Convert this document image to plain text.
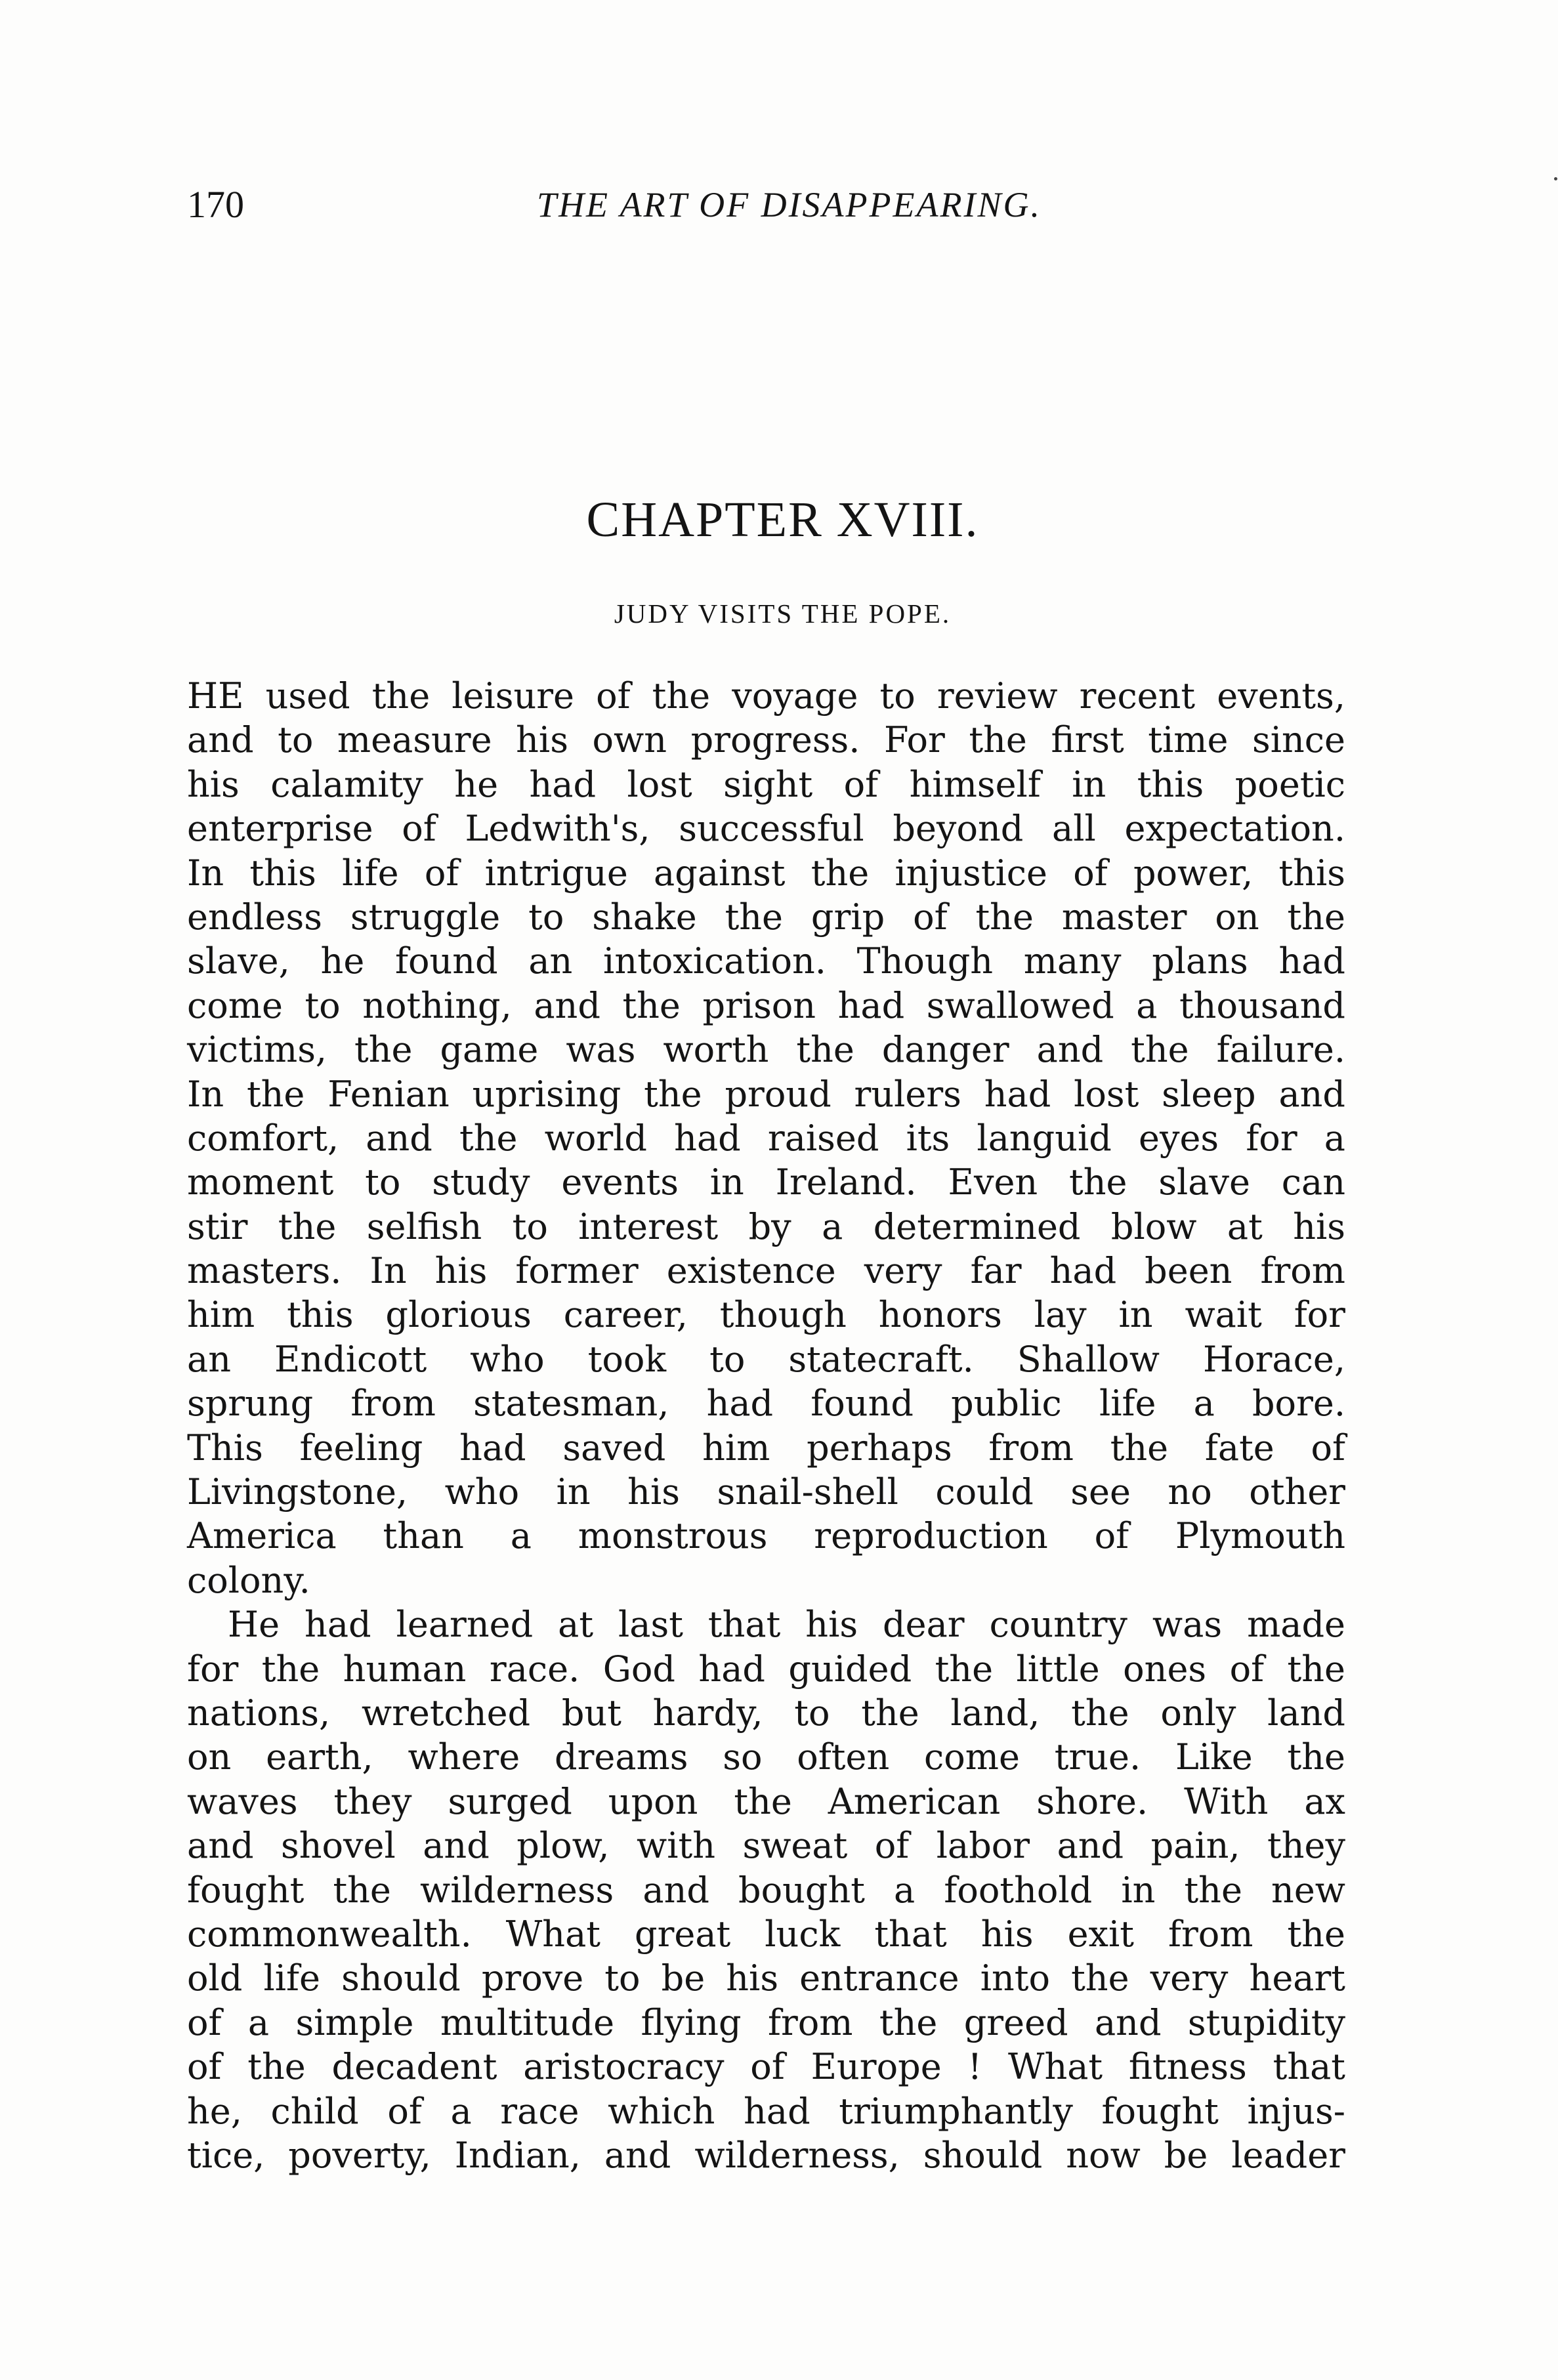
170	THE ART OF DISAPPEARING.
CHAPTER XVIII.
JUDY VISITS THE POPE.
HE used the leisure of the voyage to review recent events,
and to measure his own progress. For the first time since
his calamity he had lost sight of himself in this poetic
enterprise of Ledwith's, successful beyond all expectation.
In this life of intrigue against the injustice of power, this
endless struggle to shake the grip of the master on the
slave, he found an intoxication. Though many plans had
come to nothing, and the prison had swallowed a thousand
victims, the game was worth the danger and the failure.
In the Fenian uprising the proud rulers had lost sleep and
comfort, and the world had raised its languid eyes for a
moment to study events in Ireland. Even the slave can
stir the selfish to interest by a determined blow at his
masters. In his former existence very far had been from
him this glorious career, though honors lay in wait for
an Endicott who took to statecraft. Shallow Horace,
sprung from statesman, had found public life a bore.
This feeling had saved him perhaps from the fate of
Livingstone, who in his snail-shell could see no other
America than a monstrous reproduction of Plymouth
colony.
He had learned at last that his dear country was made
for the human race. God had guided the little ones of the
nations, wretched but hardy, to the land, the only land
on earth, where dreams so often come true. Like the
waves they surged upon the American shore. With ax
and shovel and plow, with sweat of labor and pain, they
fought the wilderness and bought a foothold in the new
commonwealth. What great luck that his exit from the
old life should prove to be his entrance into the very heart
of a simple multitude flying from the greed and stupidity
of the decadent aristocracy of Europe ! What fitness that
he, child of a race which had triumphantly fought injus-
tice, poverty, Indian, and wilderness, should now be leader
